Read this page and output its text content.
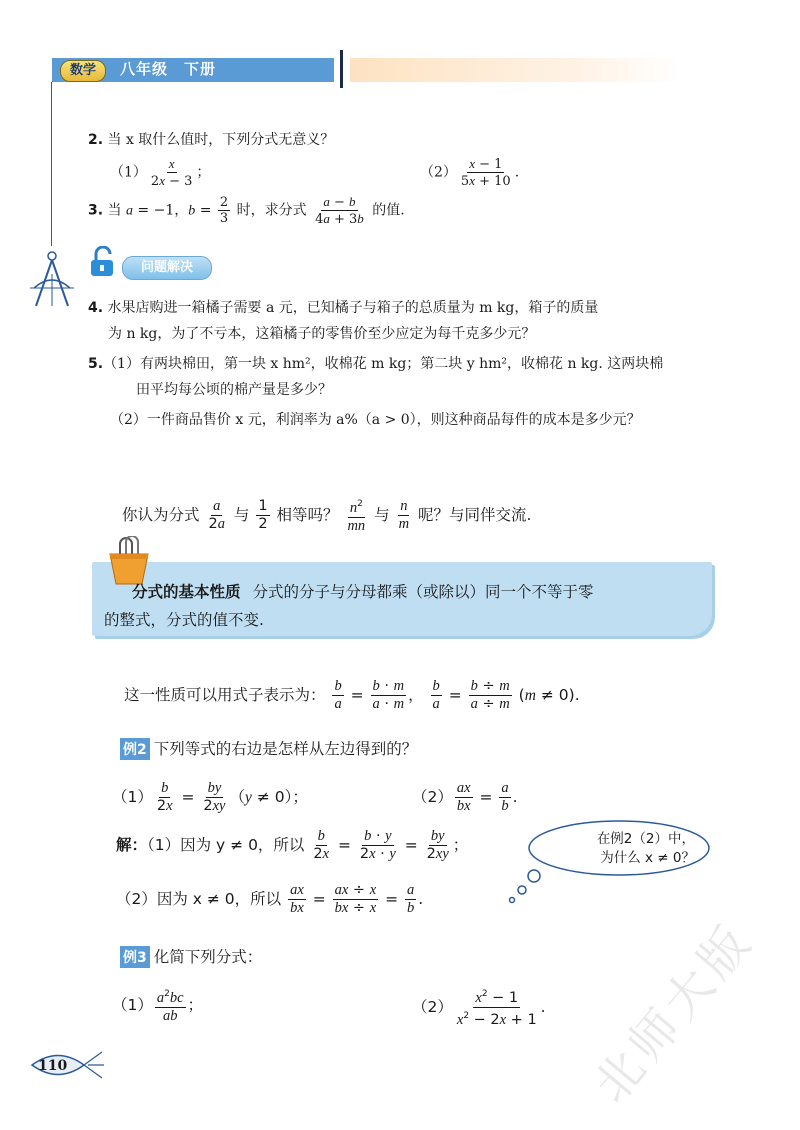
数学	八年级 下册
2. 当 x 取什么值时，下列分式无意义？
$(1) \frac{x}{2x - 3}$ ；	$(2) \frac{x - 1}{5x + 10}$ .
3. 当 a = −1，$b = \frac{2}{3}$ 时，求分式 $\frac{a - b}{4a + 3b}$ 的值.
问题解决
4. 水果店购进一箱橘子需要 a 元，已知橘子与箱子的总质量为 m kg，箱子的质量
为 n kg，为了不亏本，这箱橘子的零售价至少应定为每千克多少元？
5.（1）有两块棉田，第一块 x hm²，收棉花 m kg；第二块 y hm²，收棉花 n kg. 这两块棉
田平均每公顷的棉产量是多少？
（2）一件商品售价 x 元，利润率为 a%（a > 0），则这种商品每件的成本是多少元？
你认为分式 $\frac{a}{2a}$ 与 $\frac{1}{2}$ 相等吗？ $\frac{n^2}{mn}$ 与 $\frac{n}{m}$ 呢？与同伴交流.
分式的基本性质 分式的分子与分母都乘（或除以）同一个不等于零
的整式，分式的值不变.
这一性质可以用式子表示为： $\frac{b}{a} = \frac{b \cdot m}{a \cdot m}$ ， $\frac{b}{a} = \frac{b \div m}{a \div m} (m \ne 0)$.
例2 下列等式的右边是怎样从左边得到的？
$(1) \frac{b}{2x} = \frac{by}{2xy} (y \ne 0)$；	$(2) \frac{ax}{bx} = \frac{a}{b}$ .
解：（1）因为 y ≠ 0，所以 $\frac{b}{2x} = \frac{b \cdot y}{2x \cdot y} = \frac{by}{2xy}$ ；
（2）因为 x ≠ 0，所以 $\frac{ax}{bx} = \frac{ax \div x}{bx \div x} = \frac{a}{b}$ .
在例2（2）中，
为什么 x ≠ 0？
例3 化简下列分式：
$(1) \frac{a^2bc}{ab}$ ；	$(2) \frac{x^2 - 1}{x^2 - 2x + 1}$ .
110	北师大版
